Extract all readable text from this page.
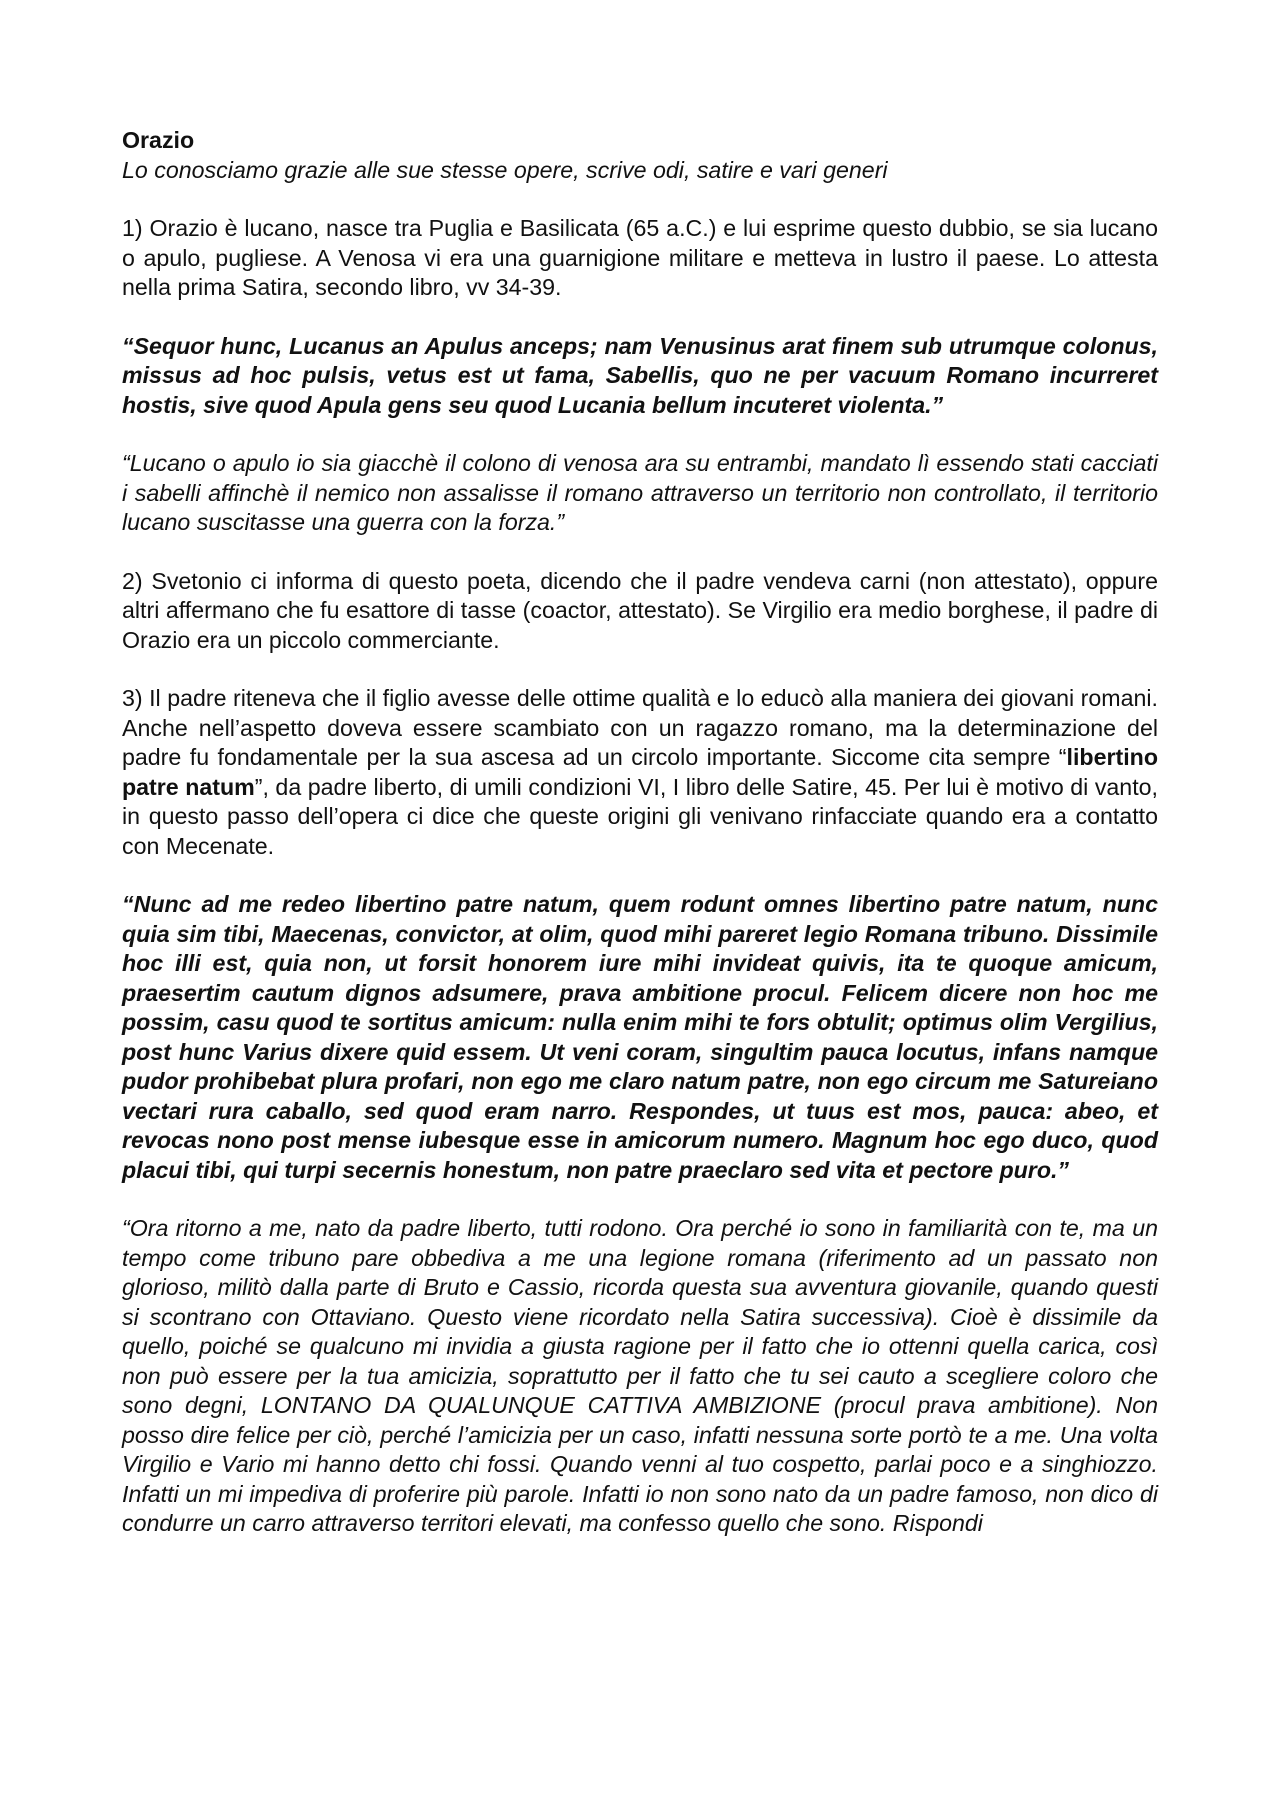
Orazio
Lo conosciamo grazie alle sue stesse opere, scrive odi, satire e vari generi

1) Orazio è lucano, nasce tra Puglia e Basilicata (65 a.C.) e lui esprime questo dubbio, se sia lucano o apulo, pugliese. A Venosa vi era una guarnigione militare e metteva in lustro il paese. Lo attesta nella prima Satira, secondo libro, vv 34-39.

“Sequor hunc, Lucanus an Apulus anceps; nam Venusinus arat finem sub utrumque colonus, missus ad hoc pulsis, vetus est ut fama, Sabellis, quo ne per vacuum Romano incurreret hostis, sive quod Apula gens seu quod Lucania bellum incuteret violenta.”

“Lucano o apulo io sia giacchè il colono di venosa ara su entrambi, mandato lì essendo stati cacciati i sabelli affinchè il nemico non assalisse il romano attraverso un territorio non controllato, il territorio lucano suscitasse una guerra con la forza.”

2) Svetonio ci informa di questo poeta, dicendo che il padre vendeva carni (non attestato), oppure altri affermano che fu esattore di tasse (coactor, attestato). Se Virgilio era medio borghese, il padre di Orazio era un piccolo commerciante.

3) Il padre riteneva che il figlio avesse delle ottime qualità e lo educò alla maniera dei giovani romani. Anche nell’aspetto doveva essere scambiato con un ragazzo romano, ma la determinazione del padre fu fondamentale per la sua ascesa ad un circolo importante. Siccome cita sempre “libertino patre natum”, da padre liberto, di umili condizioni VI, I libro delle Satire, 45. Per lui è motivo di vanto, in questo passo dell’opera ci dice che queste origini gli venivano rinfacciate quando era a contatto con Mecenate.

“Nunc ad me redeo libertino patre natum, quem rodunt omnes libertino patre natum, nunc quia sim tibi, Maecenas, convictor, at olim, quod mihi pareret legio Romana tribuno. Dissimile hoc illi est, quia non, ut forsit honorem iure mihi invideat quivis, ita te quoque amicum, praesertim cautum dignos adsumere, prava ambitione procul. Felicem dicere non hoc me possim, casu quod te sortitus amicum: nulla enim mihi te fors obtulit; optimus olim Vergilius, post hunc Varius dixere quid essem. Ut veni coram, singultim pauca locutus, infans namque pudor prohibebat plura profari, non ego me claro natum patre, non ego circum me Satureiano vectari rura caballo, sed quod eram narro. Respondes, ut tuus est mos, pauca: abeo, et revocas nono post mense iubesque esse in amicorum numero. Magnum hoc ego duco, quod placui tibi, qui turpi secernis honestum, non patre praeclaro sed vita et pectore puro.”

“Ora ritorno a me, nato da padre liberto, tutti rodono. Ora perché io sono in familiarità con te, ma un tempo come tribuno pare obbediva a me una legione romana (riferimento ad un passato non glorioso, militò dalla parte di Bruto e Cassio, ricorda questa sua avventura giovanile, quando questi si scontrano con Ottaviano. Questo viene ricordato nella Satira successiva). Cioè è dissimile da quello, poiché se qualcuno mi invidia a giusta ragione per il fatto che io ottenni quella carica, così non può essere per la tua amicizia, soprattutto per il fatto che tu sei cauto a scegliere coloro che sono degni, LONTANO DA QUALUNQUE CATTIVA AMBIZIONE (procul prava ambitione). Non posso dire felice per ciò, perché l’amicizia per un caso, infatti nessuna sorte portò te a me. Una volta Virgilio e Vario mi hanno detto chi fossi. Quando venni al tuo cospetto, parlai poco e a singhiozzo. Infatti un mi impediva di proferire più parole. Infatti io non sono nato da un padre famoso, non dico di condurre un carro attraverso territori elevati, ma confesso quello che sono. Rispondi
